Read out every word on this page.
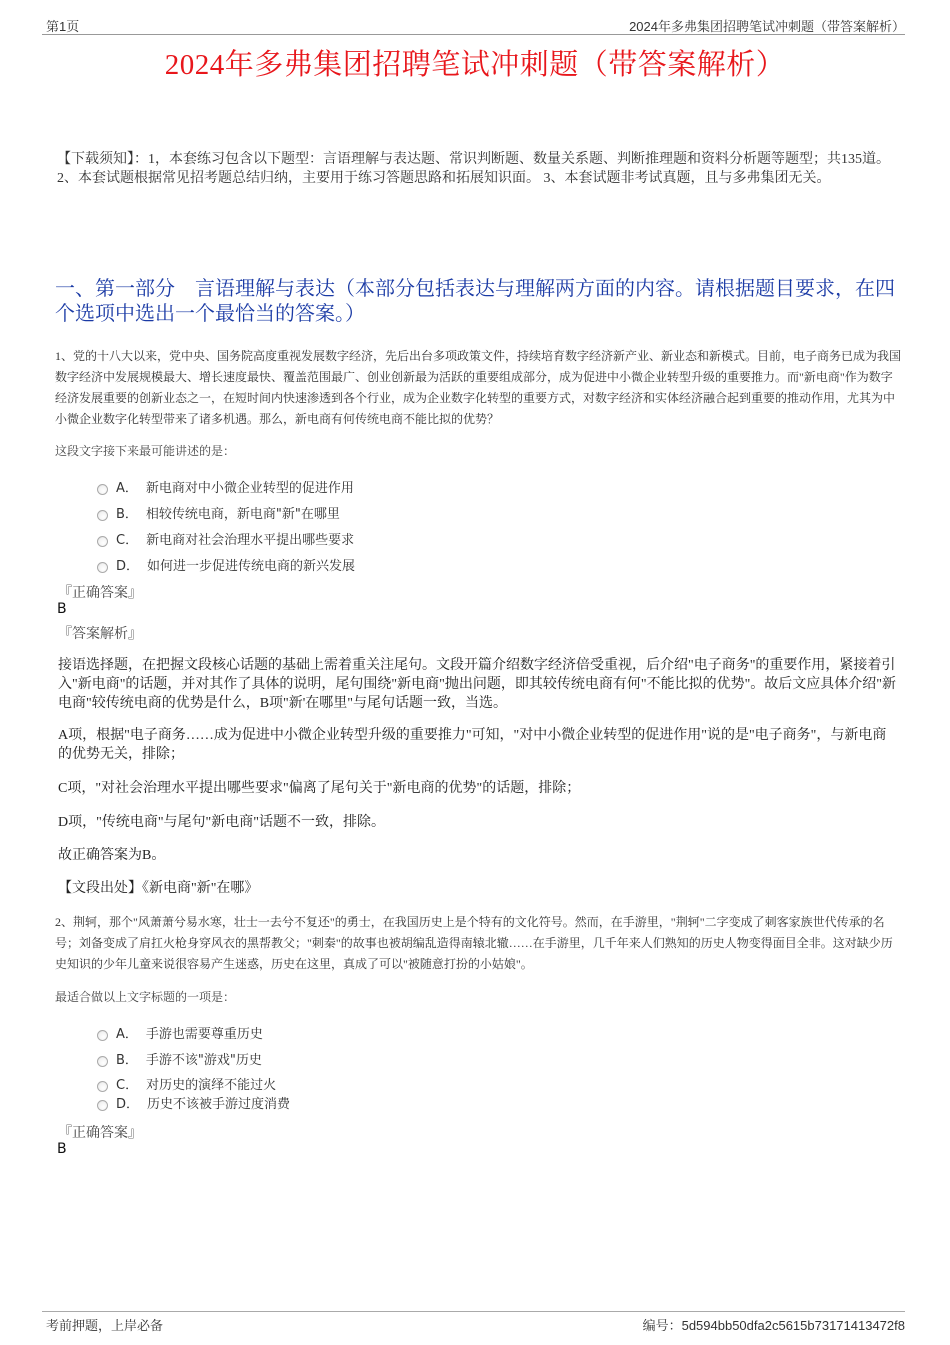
第1页	2024年多弗集团招聘笔试冲刺题（带答案解析）
2024年多弗集团招聘笔试冲刺题（带答案解析）
【下载须知】：1，本套练习包含以下题型：言语理解与表达题、常识判断题、数量关系题、判断推理题和资料分析题等题型；共135道。 2、本套试题根据常见招考题总结归纳，主要用于练习答题思路和拓展知识面。 3、本套试题非考试真题，且与多弗集团无关。
一、第一部分　言语理解与表达（本部分包括表达与理解两方面的内容。请根据题目要求，在四个选项中选出一个最恰当的答案。）
1、党的十八大以来，党中央、国务院高度重视发展数字经济，先后出台多项政策文件，持续培育数字经济新产业、新业态和新模式。目前，电子商务已成为我国数字经济中发展规模最大、增长速度最快、覆盖范围最广、创业创新最为活跃的重要组成部分，成为促进中小微企业转型升级的重要推力。而"新电商"作为数字经济发展重要的创新业态之一，在短时间内快速渗透到各个行业，成为企业数字化转型的重要方式，对数字经济和实体经济融合起到重要的推动作用，尤其为中小微企业数字化转型带来了诸多机遇。那么，新电商有何传统电商不能比拟的优势？
这段文字接下来最可能讲述的是：
A． 新电商对中小微企业转型的促进作用
B． 相较传统电商，新电商"新"在哪里
C． 新电商对社会治理水平提出哪些要求
D． 如何进一步促进传统电商的新兴发展
『正确答案』
B
『答案解析』
接语选择题，在把握文段核心话题的基础上需着重关注尾句。文段开篇介绍数字经济倍受重视，后介绍"电子商务"的重要作用，紧接着引入"新电商"的话题，并对其作了具体的说明，尾句围绕"新电商"抛出问题，即其较传统电商有何"不能比拟的优势"。故后文应具体介绍"新电商"较传统电商的优势是什么，B项"新'在哪里"与尾句话题一致，当选。
A项，根据"电子商务……成为促进中小微企业转型升级的重要推力"可知，"对中小微企业转型的促进作用"说的是"电子商务"，与新电商的优势无关，排除；
C项，"对社会治理水平提出哪些要求"偏离了尾句关于"新电商的优势"的话题，排除；
D项，"传统电商"与尾句"新电商"话题不一致，排除。
故正确答案为B。
【文段出处】《新电商"新"在哪》
2、荆轲，那个"风萧萧兮易水寒，壮士一去兮不复还"的勇士，在我国历史上是个特有的文化符号。然而，在手游里，"荆轲"二字变成了刺客家族世代传承的名号；刘备变成了肩扛火枪身穿风衣的黑帮教父；"刺秦"的故事也被胡编乱造得南辕北辙……在手游里，几千年来人们熟知的历史人物变得面目全非。这对缺少历史知识的少年儿童来说很容易产生迷惑，历史在这里，真成了可以"被随意打扮的小姑娘"。
最适合做以上文字标题的一项是：
A． 手游也需要尊重历史
B． 手游不该"游戏"历史
C． 对历史的演绎不能过火
D． 历史不该被手游过度消费
『正确答案』
B
考前押题，上岸必备	编号：5d594bb50dfa2c5615b73171413472f8
